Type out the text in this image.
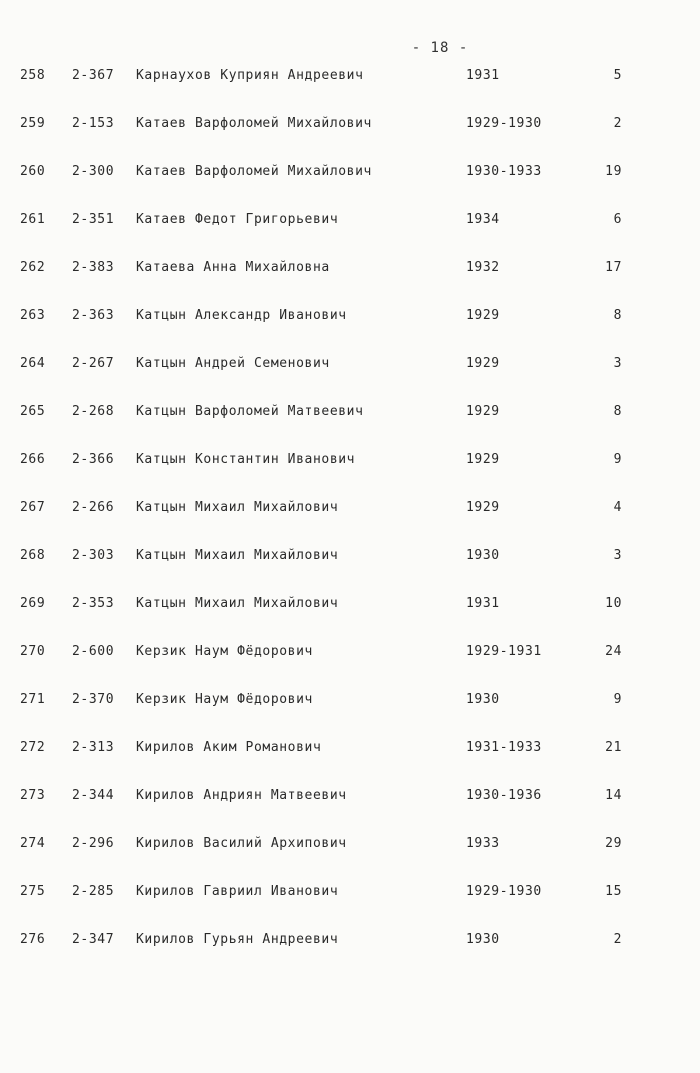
- 18 -
258	2-367	Карнаухов Куприян Андреевич	1931	5
259	2-153	Катаев Варфоломей Михайлович	1929-1930	2
260	2-300	Катаев Варфоломей Михайлович	1930-1933	19
261	2-351	Катаев Федот Григорьевич	1934	6
262	2-383	Катаева Анна Михайловна	1932	17
263	2-363	Катцын Александр Иванович	1929	8
264	2-267	Катцын Андрей Семенович	1929	3
265	2-268	Катцын Варфоломей Матвеевич	1929	8
266	2-366	Катцын Константин Иванович	1929	9
267	2-266	Катцын Михаил Михайлович	1929	4
268	2-303	Катцын Михаил Михайлович	1930	3
269	2-353	Катцын Михаил Михайлович	1931	10
270	2-600	Керзик Наум Фёдорович	1929-1931	24
271	2-370	Керзик Наум Фёдорович	1930	9
272	2-313	Кирилов Аким Романович	1931-1933	21
273	2-344	Кирилов Андриян Матвеевич	1930-1936	14
274	2-296	Кирилов Василий Архипович	1933	29
275	2-285	Кирилов Гавриил Иванович	1929-1930	15
276	2-347	Кирилов Гурьян Андреевич	1930	2
